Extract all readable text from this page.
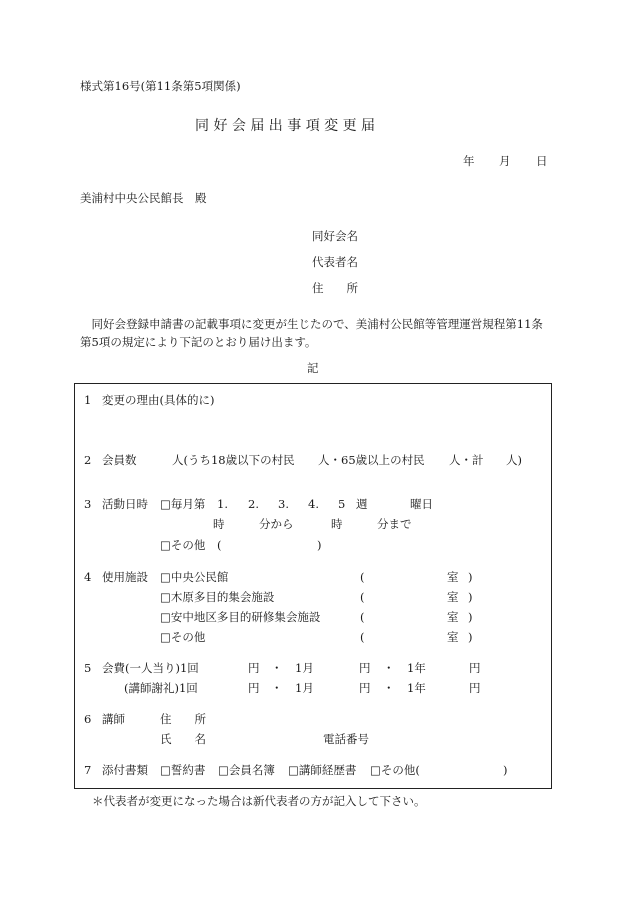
様式第16号(第11条第5項関係)
同 好 会 届 出 事 項 変 更 届
年 月 日
美浦村中央公民館長　殿
同好会名
代表者名
住　　所
　同好会登録申請書の記載事項に変更が生じたので、美浦村公民館等管理運営規程第11条
第5項の規定により下記のとおり届け出ます。
記
1 変更の理由(具体的に)
2 会員数	人(うち18歳以下の村民 人・65歳以上の村民 人・計 人)
3 活動日時 □毎月第 1. 2. 3. 4. 5 週	曜日
時	分から	時	分まで
□その他 (	)
4 使用施設 □中央公民館	(	室 )
□木原多目的集会施設	(	室 )
□安中地区多目的研修集会施設	(	室 )
□その他	(	室 )
5 会費(一人当り)1回	円 ・ 1月	円 ・ 1年	円
(講師謝礼)1回	円 ・ 1月	円 ・ 1年	円
6 講師	住　　所
氏　　名	電話番号
7 添付書類 □誓約書 □会員名簿 □講師経歴書 □その他(	)
＊代表者が変更になった場合は新代表者の方が記入して下さい。
